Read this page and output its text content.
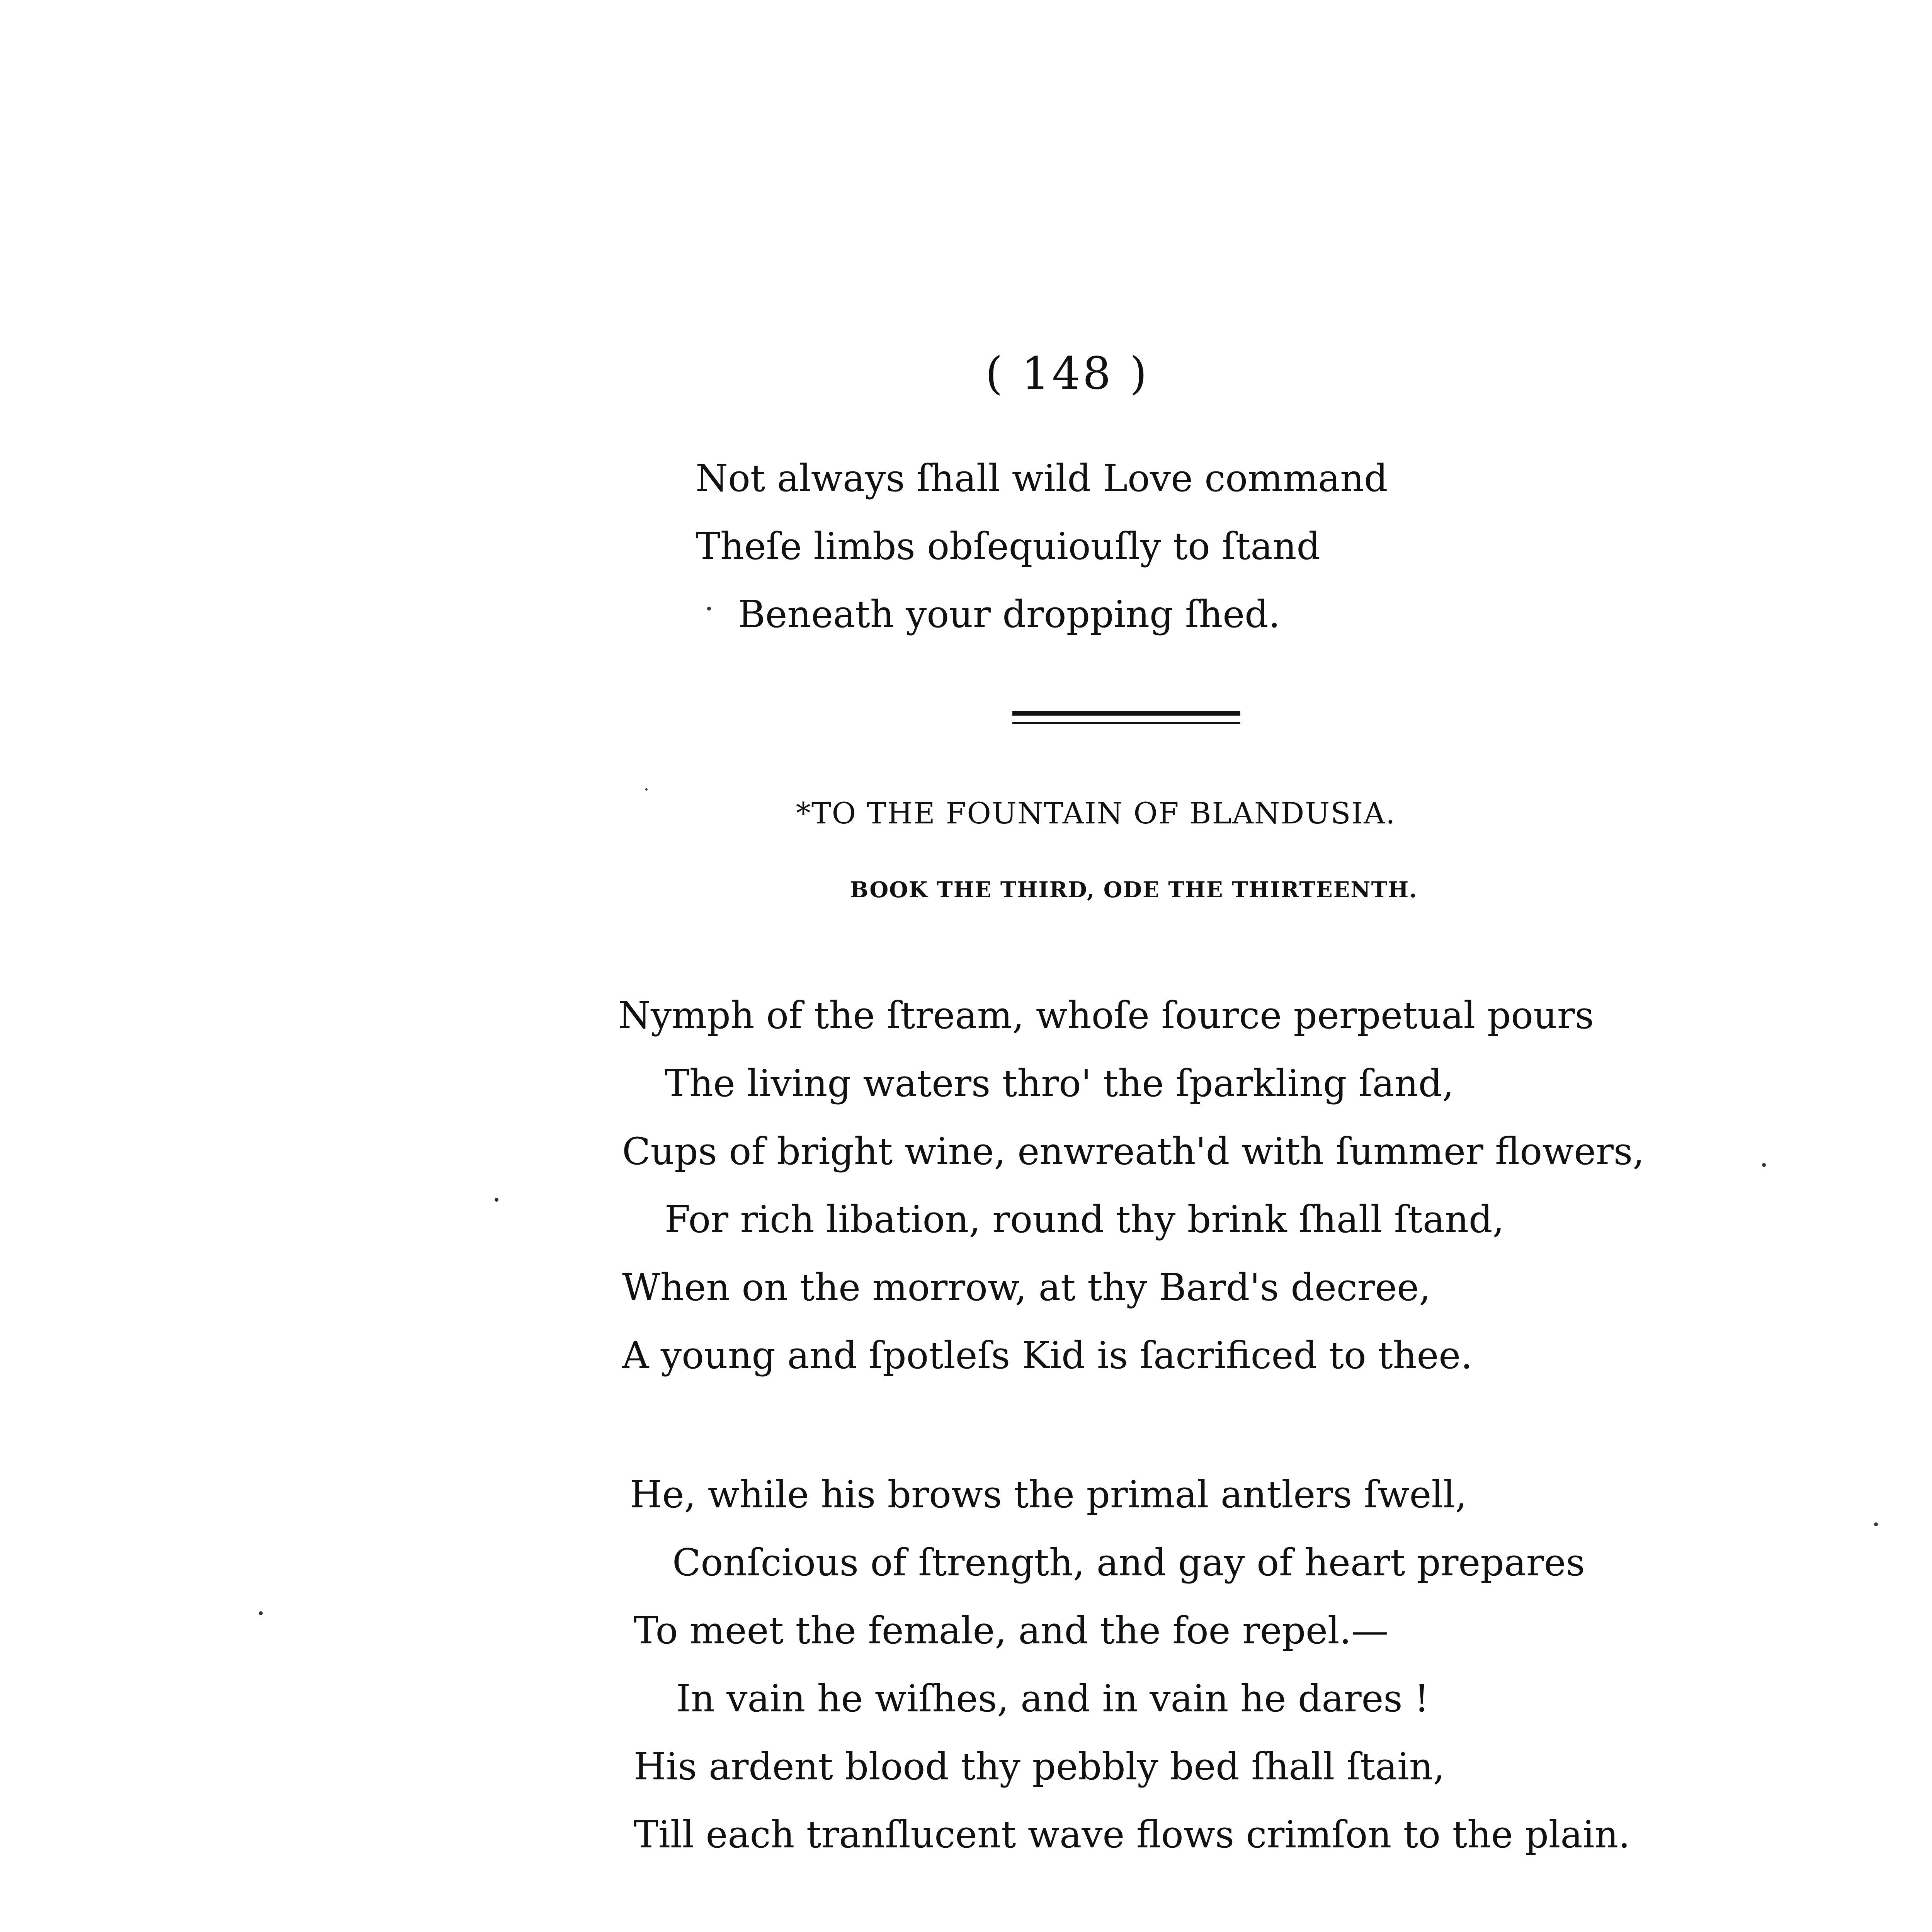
( 148 )
Not always ſhall wild Love command
Theſe limbs obſequiouſly to ſtand
Beneath your dropping ſhed.
*TO THE FOUNTAIN OF BLANDUSIA.
BOOK THE THIRD, ODE THE THIRTEENTH.
Nymph of the ſtream, whoſe ſource perpetual pours
The living waters thro' the ſparkling ſand,
Cups of bright wine, enwreath'd with ſummer flowers,
For rich libation, round thy brink ſhall ſtand,
When on the morrow, at thy Bard's decree,
A young and ſpotleſs Kid is ſacrificed to thee.
He, while his brows the primal antlers ſwell,
Conſcious of ſtrength, and gay of heart prepares
To meet the female, and the foe repel.—
In vain he wiſhes, and in vain he dares !
His ardent blood thy pebbly bed ſhall ſtain,
Till each tranſlucent wave flows crimſon to the plain.
